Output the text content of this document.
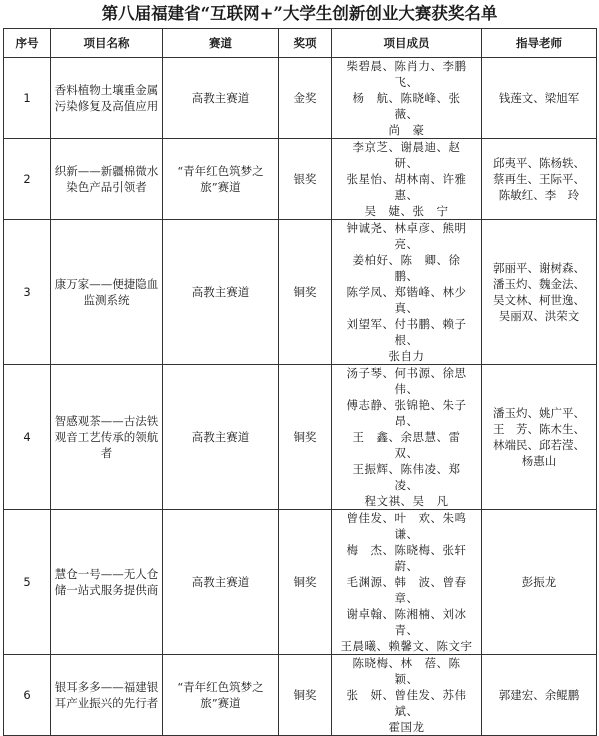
第八届福建省“互联网+”大学生创新创业大赛获奖名单
序号	项目名称	赛道	奖项	项目成员	指导老师
1	香料植物土壤重金属污染修复及高值应用	高教主赛道	金奖	柴碧晨、陈肖力、李鹏飞、
杨　航、陈晓峰、张　薇、
尚　豪	钱莲文、梁旭军
2	织新——新疆棉微水染色产品引领者	“青年红色筑梦之旅”赛道	银奖	李京芝、谢晨迪、赵　研、
张星怡、胡林南、许雅惠、
吴　婕、张　宁	邱夷平、陈杨轶、
蔡再生、王际平、
陈敏红、李　玲
3	康万家——便捷隐血监测系统	高教主赛道	铜奖	钟诚尧、林卓彦、熊明亮、
姜柏好、陈　卿、徐　鹏、
陈学凤、郑锴峰、林少真、
刘望军、付书鹏、赖子根、
张自力	郭丽平、谢树森、
潘玉灼、魏金法、
吴文林、柯世逸、
吴丽双、洪荣文
4	智感观茶——古法铁观音工艺传承的领航者	高教主赛道	铜奖	汤子琴、何书源、徐思伟、
傅志静、张锦艳、朱子昂、
王　鑫、余思慧、雷　双、
王振辉、陈伟凌、郑　凌、
程文祺、吴　凡	潘玉灼、姚广平、
王　芳、陈木生、
林端民、邱若滢、
杨惠山
5	慧仓一号——无人仓储一站式服务提供商	高教主赛道	铜奖	曾佳发、叶　欢、朱鸣谦、
梅　杰、陈晓梅、张轩蔚、
毛渊源、韩　波、曾春章、
谢卓翰、陈湘楠、刘冰青、
王晨曦、赖馨文、陈文宇	彭振龙
6	银耳多多——福建银耳产业振兴的先行者	“青年红色筑梦之旅”赛道	铜奖	陈晓梅、林　蓓、陈　颖、
张　妍、曾佳发、苏伟斌、
霍国龙	郭建宏、余鲲鹏
